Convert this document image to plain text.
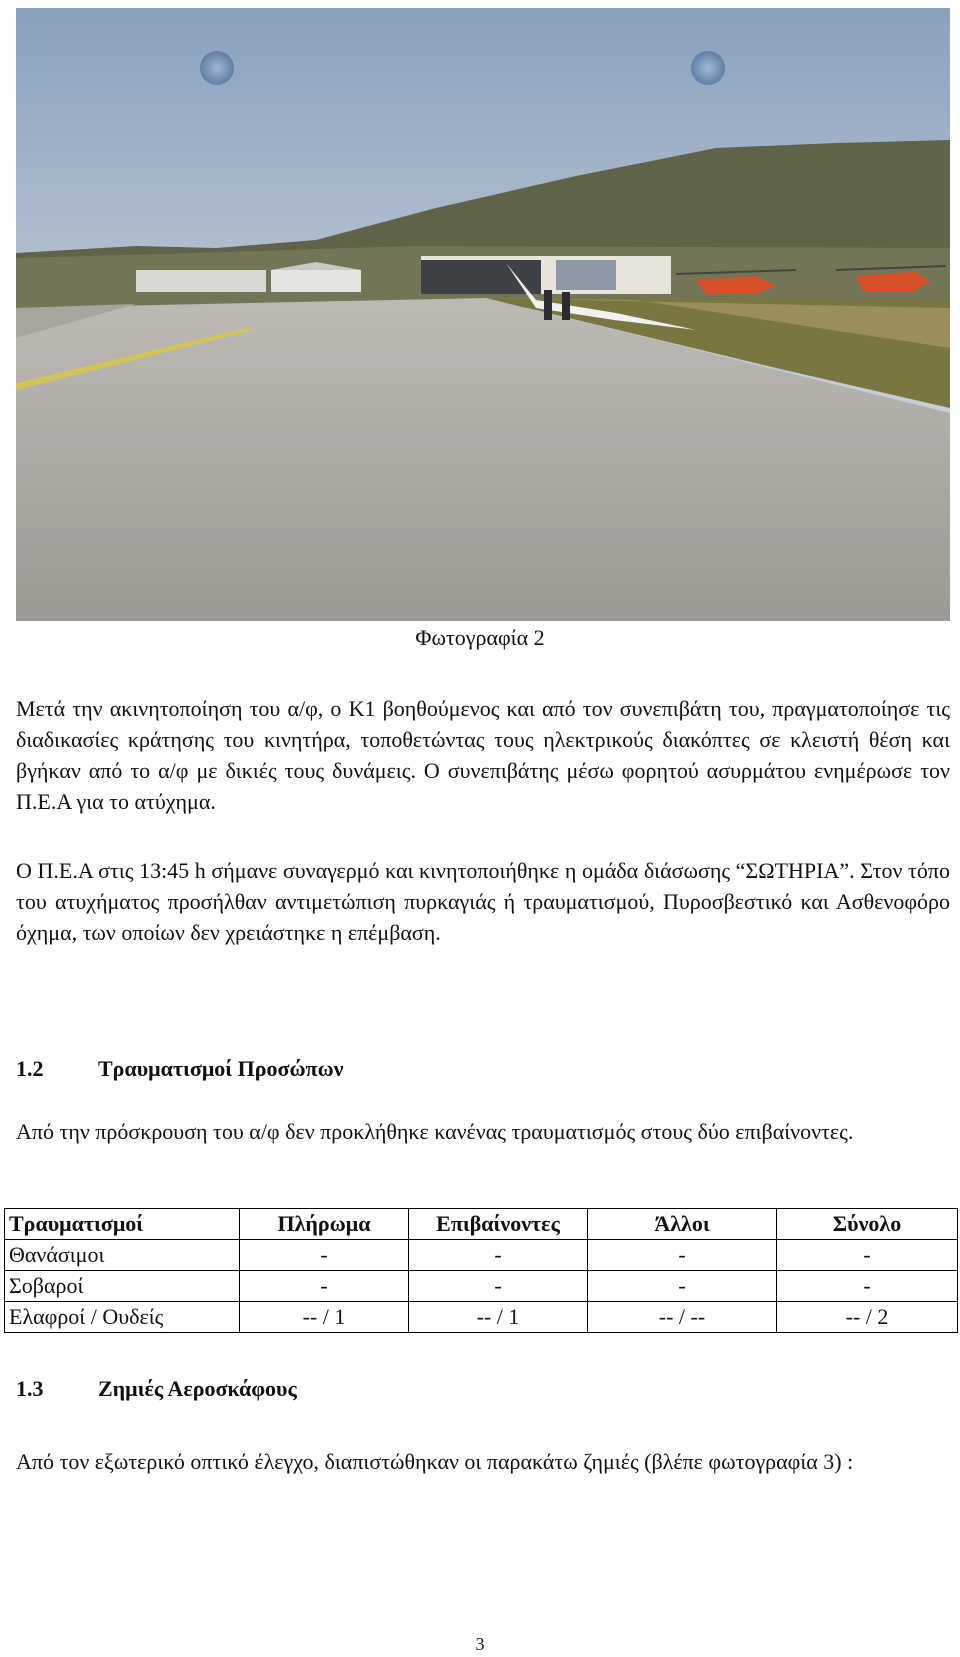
Φωτογραφία 2

Μετά την ακινητοποίηση του α/φ, ο Κ1 βοηθούμενος και από τον συνεπιβάτη του, πραγματοποίησε τις διαδικασίες κράτησης του κινητήρα, τοποθετώντας τους ηλεκτρικούς διακόπτες σε κλειστή θέση και βγήκαν από το α/φ με δικιές τους δυνάμεις. Ο συνεπιβάτης μέσω φορητού ασυρμάτου ενημέρωσε τον Π.Ε.Α για το ατύχημα.

Ο Π.Ε.Α στις 13:45 h σήμανε συναγερμό και κινητοποιήθηκε η ομάδα διάσωσης “ΣΩΤΗΡΙΑ”. Στον τόπο του ατυχήματος προσήλθαν αντιμετώπιση πυρκαγιάς ή τραυματισμού, Πυροσβεστικό και Ασθενοφόρο όχημα, των οποίων δεν χρειάστηκε η επέμβαση.

1.2 Τραυματισμοί Προσώπων

Από την πρόσκρουση του α/φ δεν προκλήθηκε κανένας τραυματισμός στους δύο επιβαίνοντες.

Τραυματισμοί	Πλήρωμα	Επιβαίνοντες	Άλλοι	Σύνολο
Θανάσιμοι	-	-	-	-
Σοβαροί	-	-	-	-
Ελαφροί / Ουδείς	-- / 1	-- / 1	-- / --	-- / 2
1.3 Ζημιές Αεροσκάφους

Από τον εξωτερικό οπτικό έλεγχο, διαπιστώθηκαν οι παρακάτω ζημιές (βλέπε φωτογραφία 3) :

3
